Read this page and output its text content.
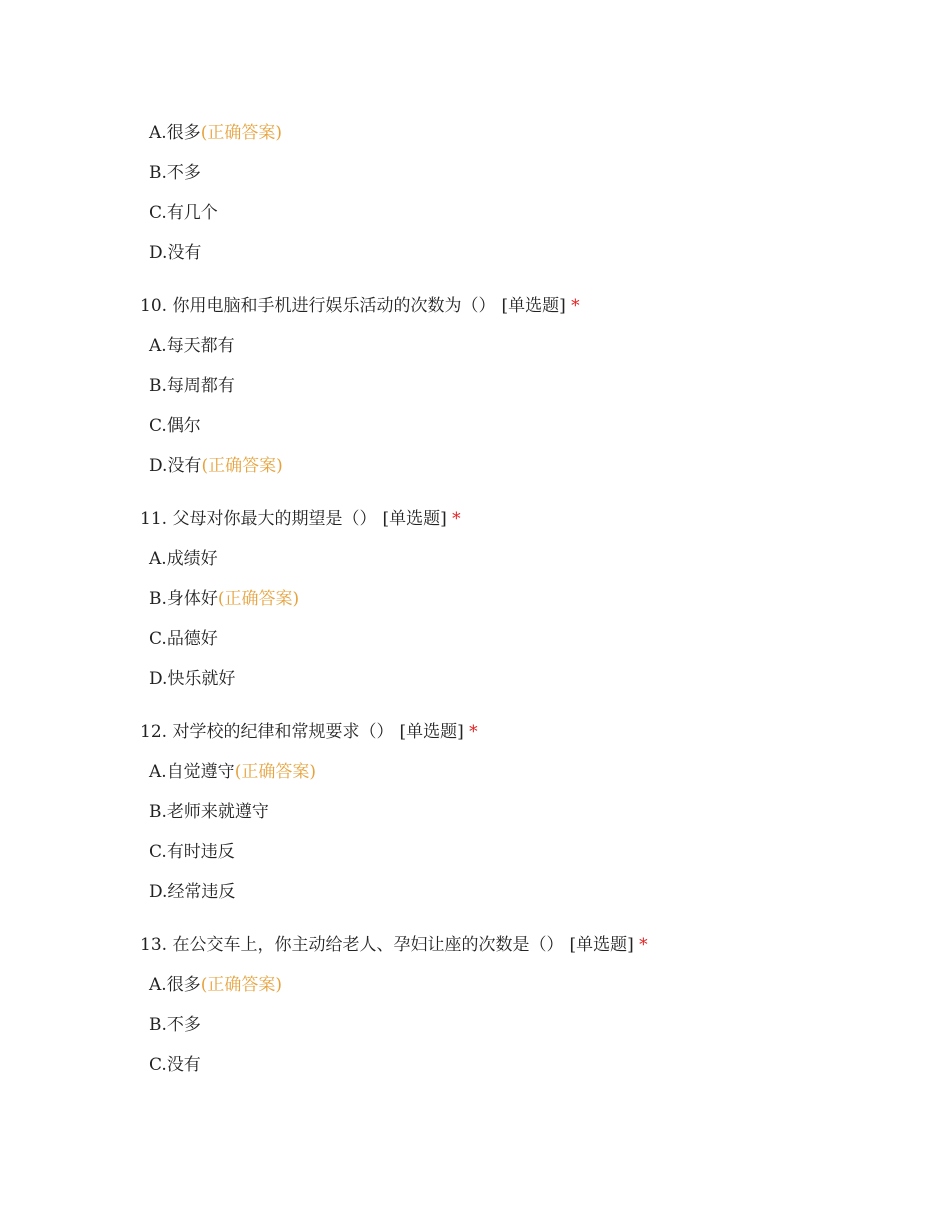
A.很多(正确答案)
B.不多
C.有几个
D.没有
10. 你用电脑和手机进行娱乐活动的次数为（） [单选题] *
A.每天都有
B.每周都有
C.偶尔
D.没有(正确答案)
11. 父母对你最大的期望是（） [单选题] *
A.成绩好
B.身体好(正确答案)
C.品德好
D.快乐就好
12. 对学校的纪律和常规要求（） [单选题] *
A.自觉遵守(正确答案)
B.老师来就遵守
C.有时违反
D.经常违反
13. 在公交车上，你主动给老人、孕妇让座的次数是（） [单选题] *
A.很多(正确答案)
B.不多
C.没有
